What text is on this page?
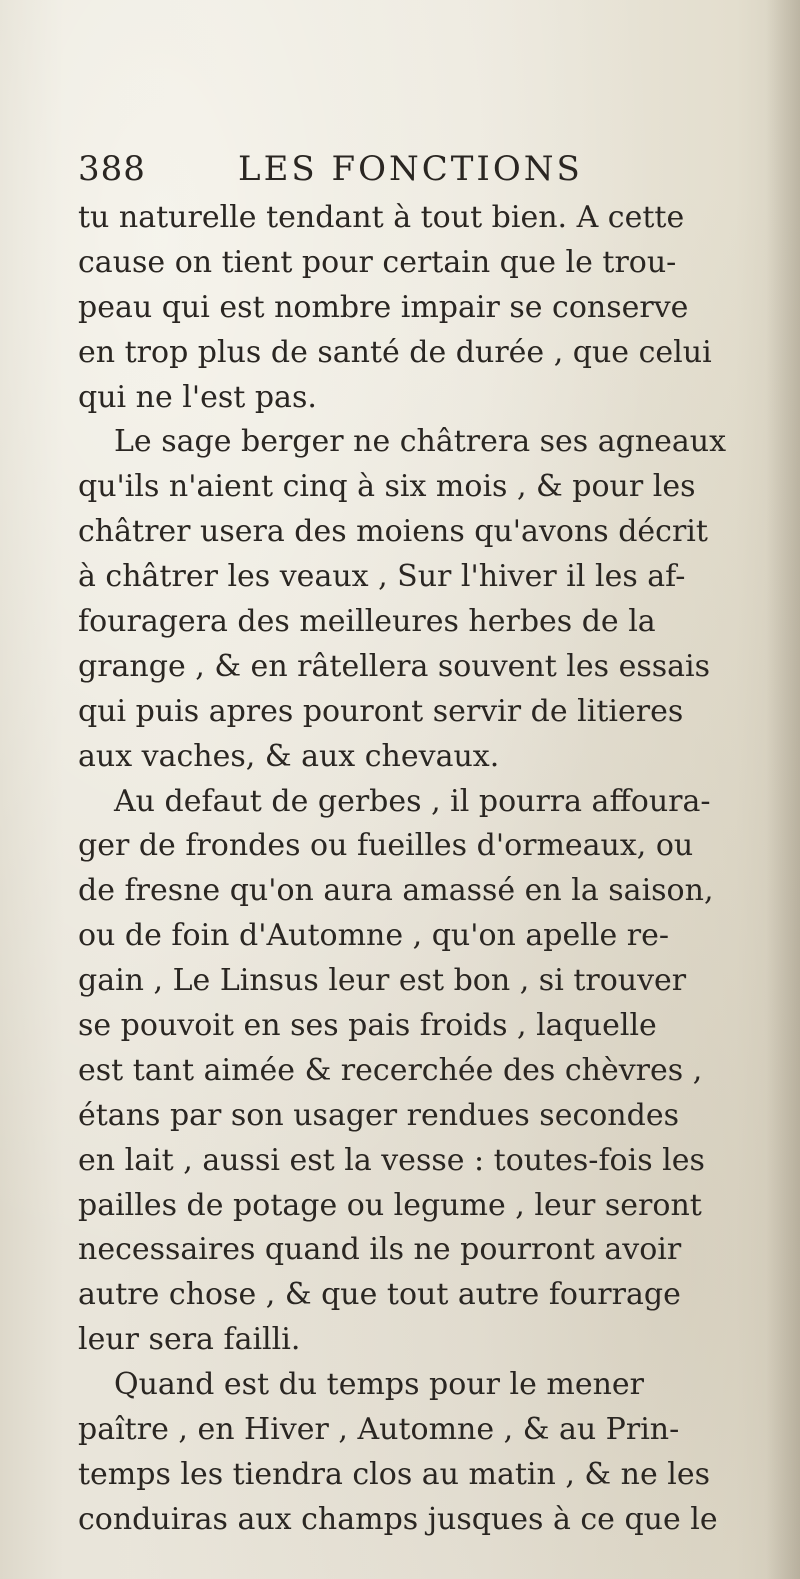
388	LES FONCTIONS
tu naturelle tendant à tout bien. A cette
cause on tient pour certain que le trou-
peau qui est nombre impair se conserve
en trop plus de santé de durée , que celui
qui ne l'est pas.
Le sage berger ne châtrera ses agneaux
qu'ils n'aient cinq à six mois , & pour les
châtrer usera des moiens qu'avons décrit
à châtrer les veaux , Sur l'hiver il les af-
fouragera des meilleures herbes de la
grange , & en râtellera souvent les essais
qui puis apres pouront servir de litieres
aux vaches, & aux chevaux.
Au defaut de gerbes , il pourra affoura-
ger de frondes ou fueilles d'ormeaux, ou
de fresne qu'on aura amassé en la saison,
ou de foin d'Automne , qu'on apelle re-
gain , Le Linsus leur est bon , si trouver
se pouvoit en ses pais froids , laquelle
est tant aimée & recerchée des chèvres ,
étans par son usager rendues secondes
en lait , aussi est la vesse : toutes-fois les
pailles de potage ou legume , leur seront
necessaires quand ils ne pourront avoir
autre chose , & que tout autre fourrage
leur sera failli.
Quand est du temps pour le mener
paître , en Hiver , Automne , & au Prin-
temps les tiendra clos au matin , & ne les
conduiras aux champs jusques à ce que le
